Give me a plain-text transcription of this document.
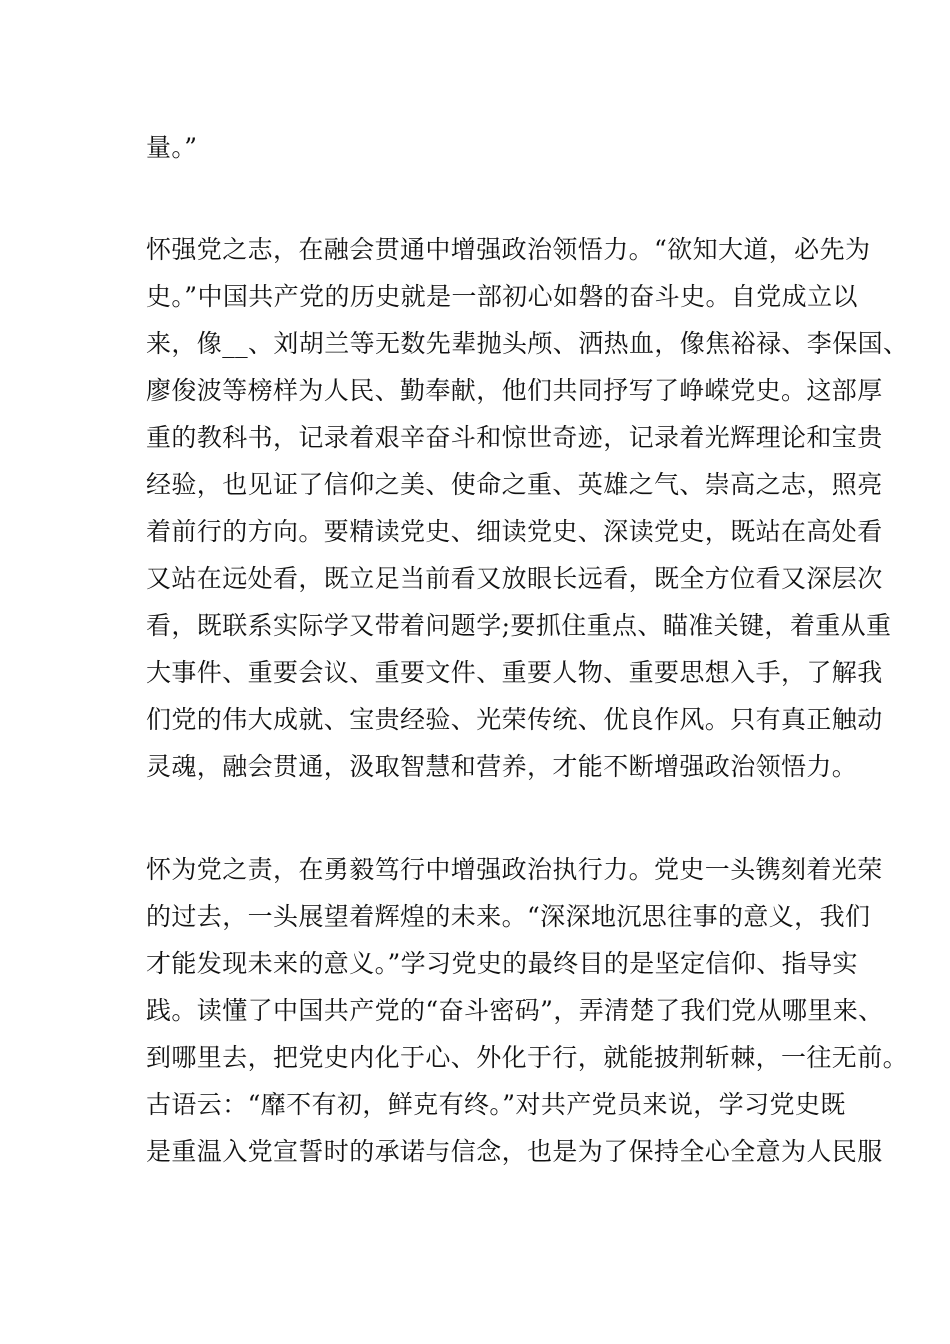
量。”
怀强党之志，在融会贯通中增强政治领悟力。“欲知大道，必先为
史。”中国共产党的历史就是一部初心如磐的奋斗史。自党成立以
来，像__、刘胡兰等无数先辈抛头颅、洒热血，像焦裕禄、李保国、
廖俊波等榜样为人民、勤奉献，他们共同抒写了峥嵘党史。这部厚
重的教科书，记录着艰辛奋斗和惊世奇迹，记录着光辉理论和宝贵
经验，也见证了信仰之美、使命之重、英雄之气、崇高之志，照亮
着前行的方向。要精读党史、细读党史、深读党史，既站在高处看
又站在远处看，既立足当前看又放眼长远看，既全方位看又深层次
看，既联系实际学又带着问题学;要抓住重点、瞄准关键，着重从重
大事件、重要会议、重要文件、重要人物、重要思想入手，了解我
们党的伟大成就、宝贵经验、光荣传统、优良作风。只有真正触动
灵魂，融会贯通，汲取智慧和营养，才能不断增强政治领悟力。
怀为党之责，在勇毅笃行中增强政治执行力。党史一头镌刻着光荣
的过去，一头展望着辉煌的未来。“深深地沉思往事的意义，我们
才能发现未来的意义。”学习党史的最终目的是坚定信仰、指导实
践。读懂了中国共产党的“奋斗密码”，弄清楚了我们党从哪里来、
到哪里去，把党史内化于心、外化于行，就能披荆斩棘，一往无前。
古语云：“靡不有初，鲜克有终。”对共产党员来说，学习党史既
是重温入党宣誓时的承诺与信念，也是为了保持全心全意为人民服
